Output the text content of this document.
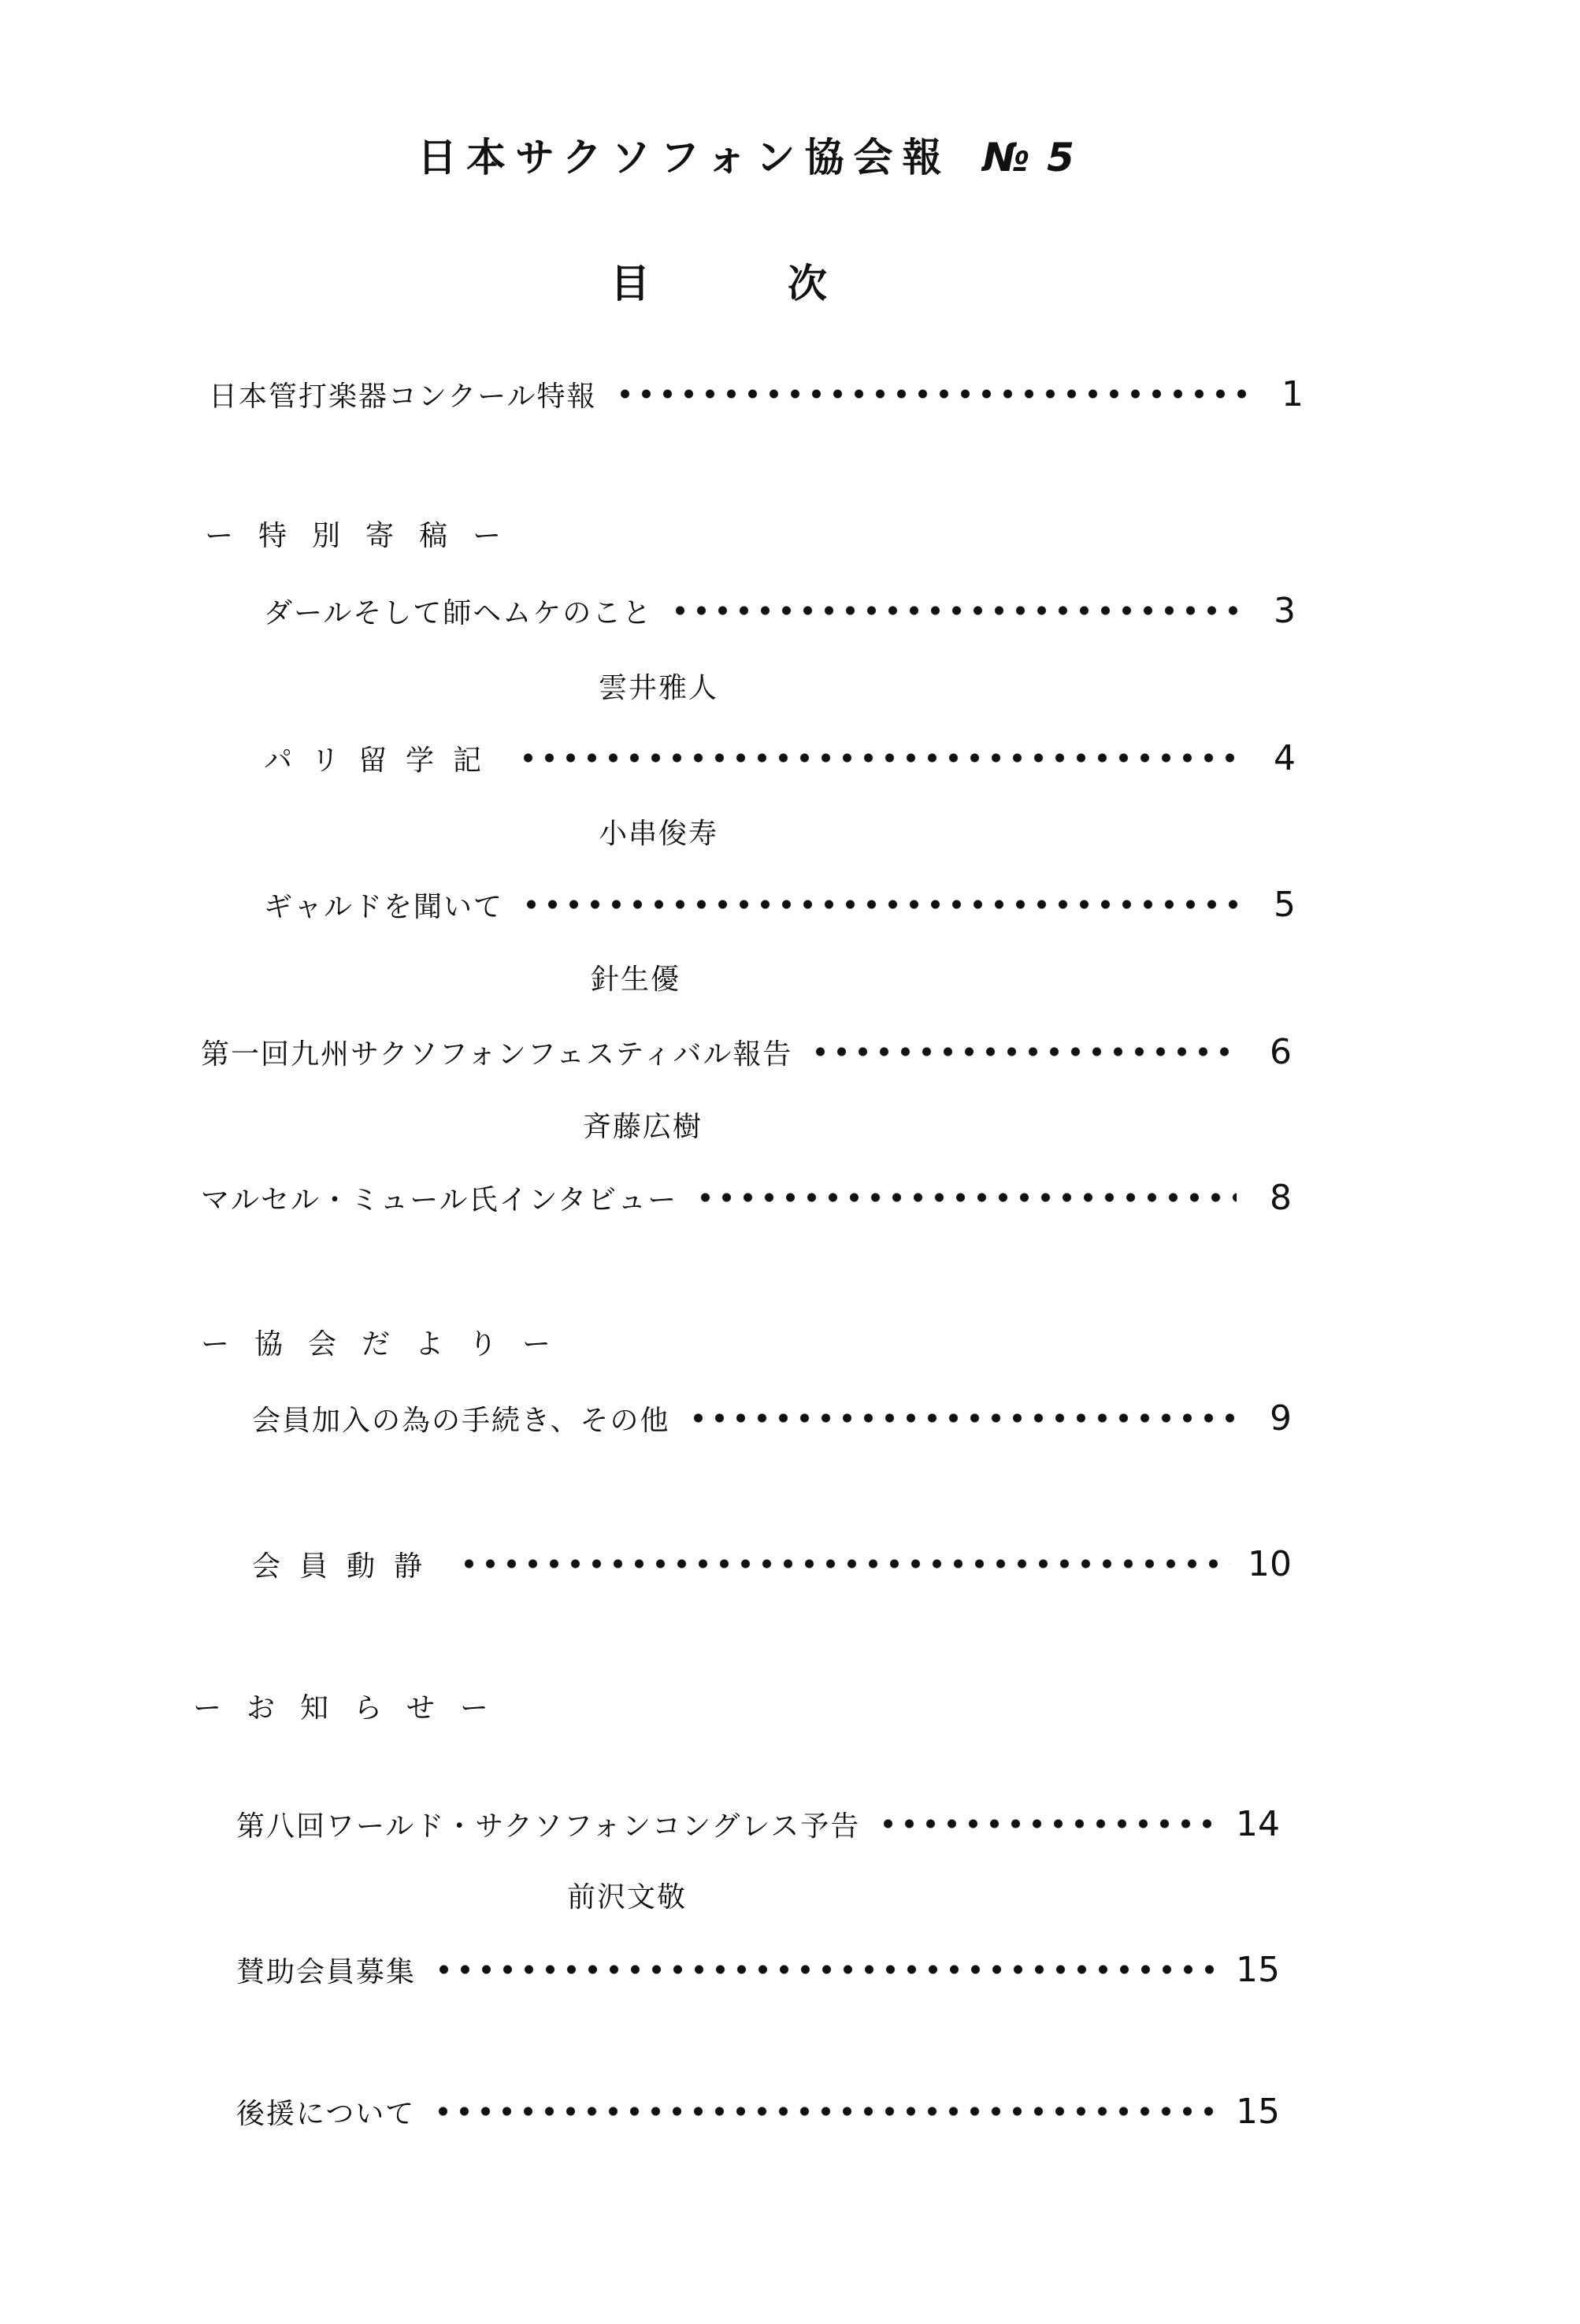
日本サクソフォン協会報 № 5
目	次
日本管打楽器コンクール特報	1
ー特別寄稿ー
ダールそして師ヘムケのこと	3
雲井雅人
パリ留学記	4
小串俊寿
ギャルドを聞いて	5
針生優
第一回九州サクソフォンフェスティバル報告	6
斉藤広樹
マルセル・ミュール氏インタビュー	8
ー協会だよりー
会員加入の為の手続き、その他	9
会員動静	10
ーお知らせー
第八回ワールド・サクソフォンコングレス予告	14
前沢文敬
賛助会員募集	15
後援について	15
